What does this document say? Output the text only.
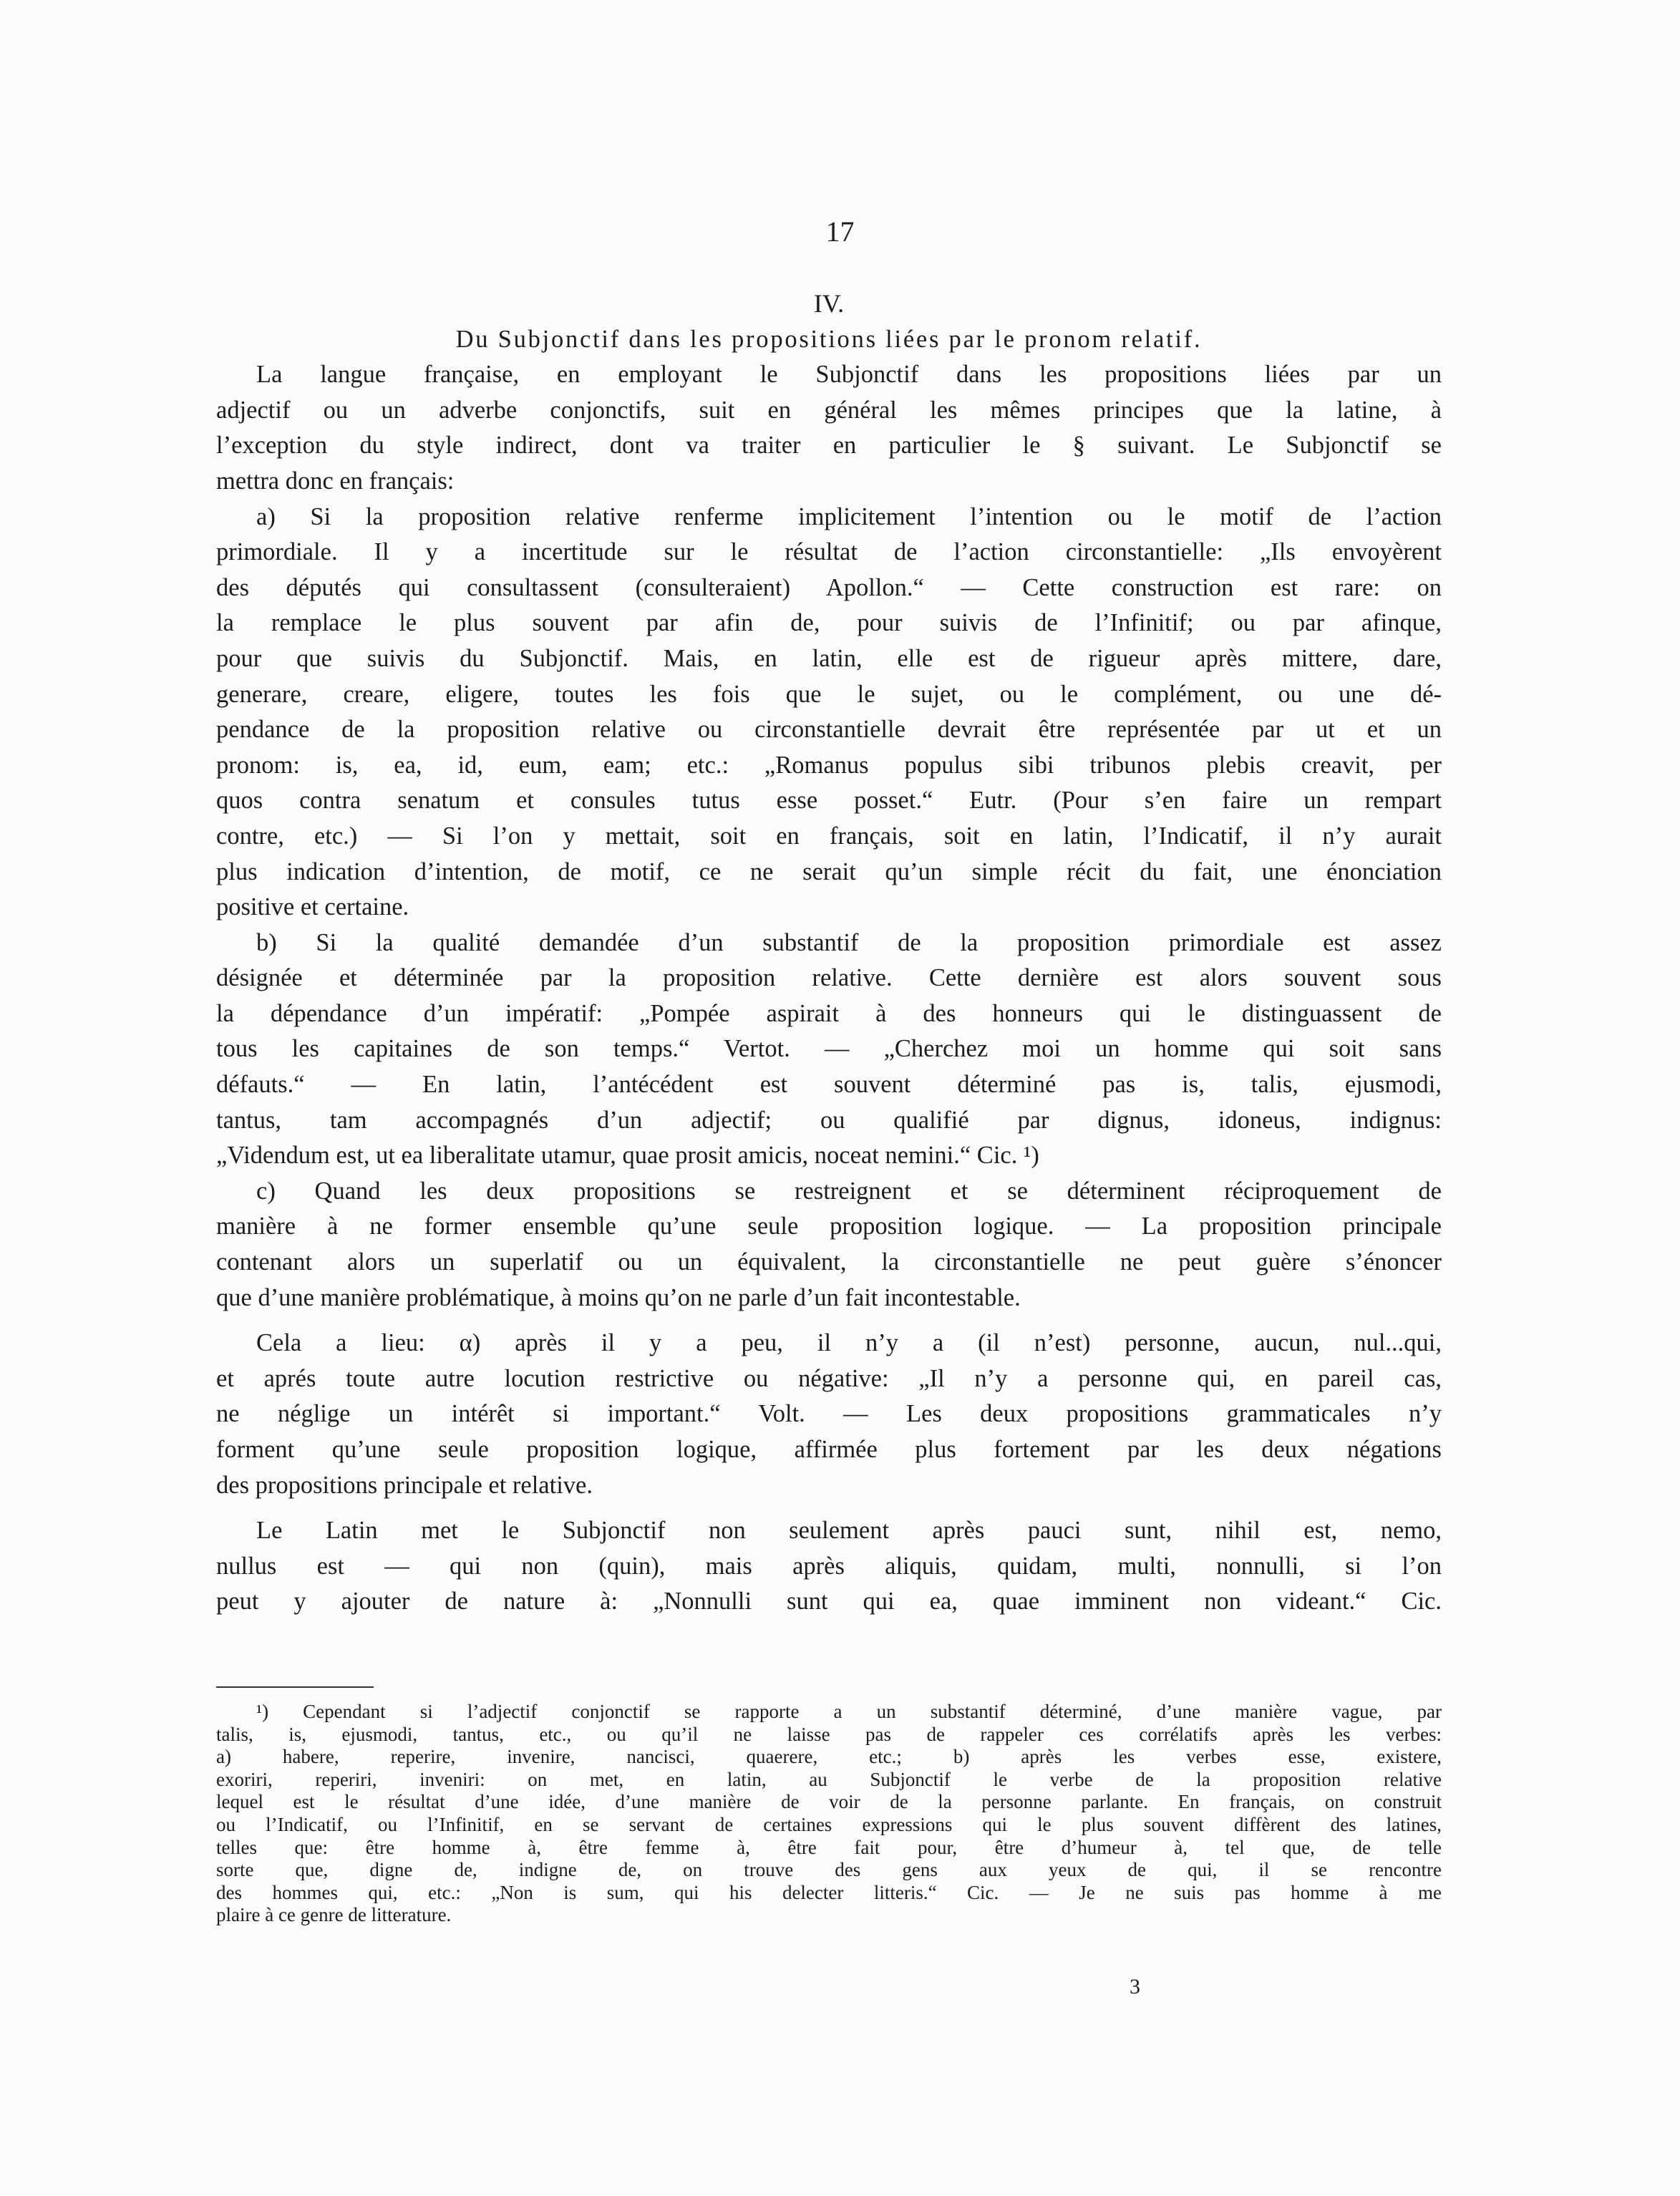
17
IV.
Du Subjonctif dans les propositions liées par le pronom relatif.
La langue française, en employant le Subjonctif dans les propositions liées par un
adjectif ou un adverbe conjonctifs, suit en général les mêmes principes que la latine, à
l’exception du style indirect, dont va traiter en particulier le § suivant. Le Subjonctif se
mettra donc en français:
a) Si la proposition relative renferme implicitement l’intention ou le motif de l’action
primordiale. Il y a incertitude sur le résultat de l’action circonstantielle: „Ils envoyèrent
des députés qui consultassent (consulteraient) Apollon.“ — Cette construction est rare: on
la remplace le plus souvent par afin de, pour suivis de l’Infinitif; ou par afinque,
pour que suivis du Subjonctif. Mais, en latin, elle est de rigueur après mittere, dare,
generare, creare, eligere, toutes les fois que le sujet, ou le complément, ou une dé-
pendance de la proposition relative ou circonstantielle devrait être représentée par ut et un
pronom: is, ea, id, eum, eam; etc.: „Romanus populus sibi tribunos plebis creavit, per
quos contra senatum et consules tutus esse posset.“ Eutr. (Pour s’en faire un rempart
contre, etc.) — Si l’on y mettait, soit en français, soit en latin, l’Indicatif, il n’y aurait
plus indication d’intention, de motif, ce ne serait qu’un simple récit du fait, une énonciation
positive et certaine.
b) Si la qualité demandée d’un substantif de la proposition primordiale est assez
désignée et déterminée par la proposition relative. Cette dernière est alors souvent sous
la dépendance d’un impératif: „Pompée aspirait à des honneurs qui le distinguassent de
tous les capitaines de son temps.“ Vertot. — „Cherchez moi un homme qui soit sans
défauts.“ — En latin, l’antécédent est souvent déterminé pas is, talis, ejusmodi,
tantus, tam accompagnés d’un adjectif; ou qualifié par dignus, idoneus, indignus:
„Videndum est, ut ea liberalitate utamur, quae prosit amicis, noceat nemini.“ Cic. ¹)
c) Quand les deux propositions se restreignent et se déterminent réciproquement de
manière à ne former ensemble qu’une seule proposition logique. — La proposition principale
contenant alors un superlatif ou un équivalent, la circonstantielle ne peut guère s’énoncer
que d’une manière problématique, à moins qu’on ne parle d’un fait incontestable.
Cela a lieu: α) après il y a peu, il n’y a (il n’est) personne, aucun, nul...qui,
et aprés toute autre locution restrictive ou négative: „Il n’y a personne qui, en pareil cas,
ne néglige un intérêt si important.“ Volt. — Les deux propositions grammaticales n’y
forment qu’une seule proposition logique, affirmée plus fortement par les deux négations
des propositions principale et relative.
Le Latin met le Subjonctif non seulement après pauci sunt, nihil est, nemo,
nullus est — qui non (quin), mais après aliquis, quidam, multi, nonnulli, si l’on
peut y ajouter de nature à: „Nonnulli sunt qui ea, quae imminent non videant.“ Cic.
¹) Cependant si l’adjectif conjonctif se rapporte a un substantif déterminé, d’une manière vague, par
talis, is, ejusmodi, tantus, etc., ou qu’il ne laisse pas de rappeler ces corrélatifs après les verbes:
a) habere, reperire, invenire, nancisci, quaerere, etc.; b) après les verbes esse, existere,
exoriri, reperiri, inveniri: on met, en latin, au Subjonctif le verbe de la proposition relative
lequel est le résultat d’une idée, d’une manière de voir de la personne parlante. En français, on construit
ou l’Indicatif, ou l’Infinitif, en se servant de certaines expressions qui le plus souvent diffèrent des latines,
telles que: être homme à, être femme à, être fait pour, être d’humeur à, tel que, de telle
sorte que, digne de, indigne de, on trouve des gens aux yeux de qui, il se rencontre
des hommes qui, etc.: „Non is sum, qui his delecter litteris.“ Cic. — Je ne suis pas homme à me
plaire à ce genre de litterature.
3
